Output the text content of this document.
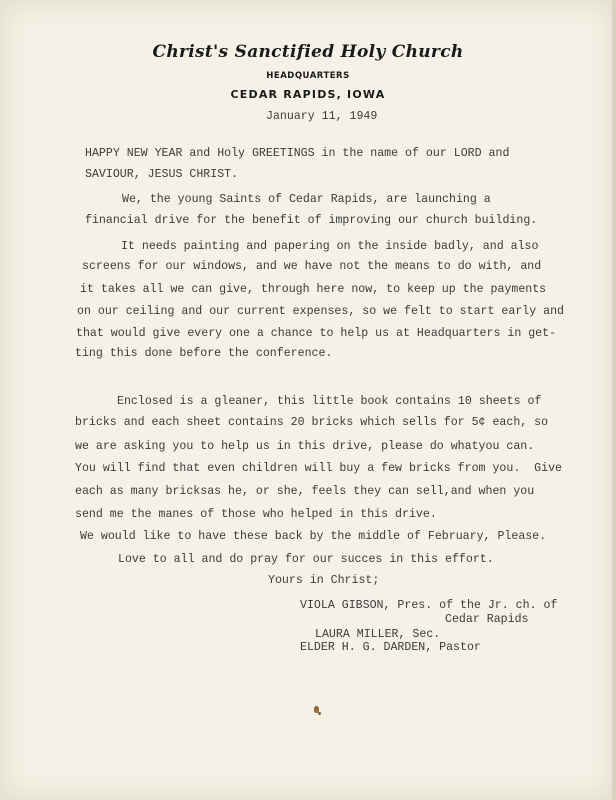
Christ's Sanctified Holy Church
HEADQUARTERS
CEDAR RAPIDS, IOWA

January 11, 1949

HAPPY NEW YEAR and Holy GREETINGS in the name of our LORD and

SAVIOUR, JESUS CHRIST.

We, the young Saints of Cedar Rapids, are launching a

financial drive for the benefit of improving our church building.

It needs painting and papering on the inside badly, and also

screens for our windows, and we have not the means to do with, and

it takes all we can give, through here now, to keep up the payments

on our ceiling and our current expenses, so we felt to start early and

that would give every one a chance to help us at Headquarters in get-

ting this done before the conference.

Enclosed is a gleaner, this little book contains 10 sheets of

bricks and each sheet contains 20 bricks which sells for 5¢ each, so

we are asking you to help us in this drive, please do whatyou can.

You will find that even children will buy a few bricks from you.  Give

each as many bricksas he, or she, feels they can sell,and when you

send me the manes of those who helped in this drive.

We would like to have these back by the middle of February, Please.

Love to all and do pray for our succes in this effort.

Yours in Christ;

VIOLA GIBSON, Pres. of the Jr. ch. of

Cedar Rapids

LAURA MILLER, Sec.

ELDER H. G. DARDEN, Pastor
